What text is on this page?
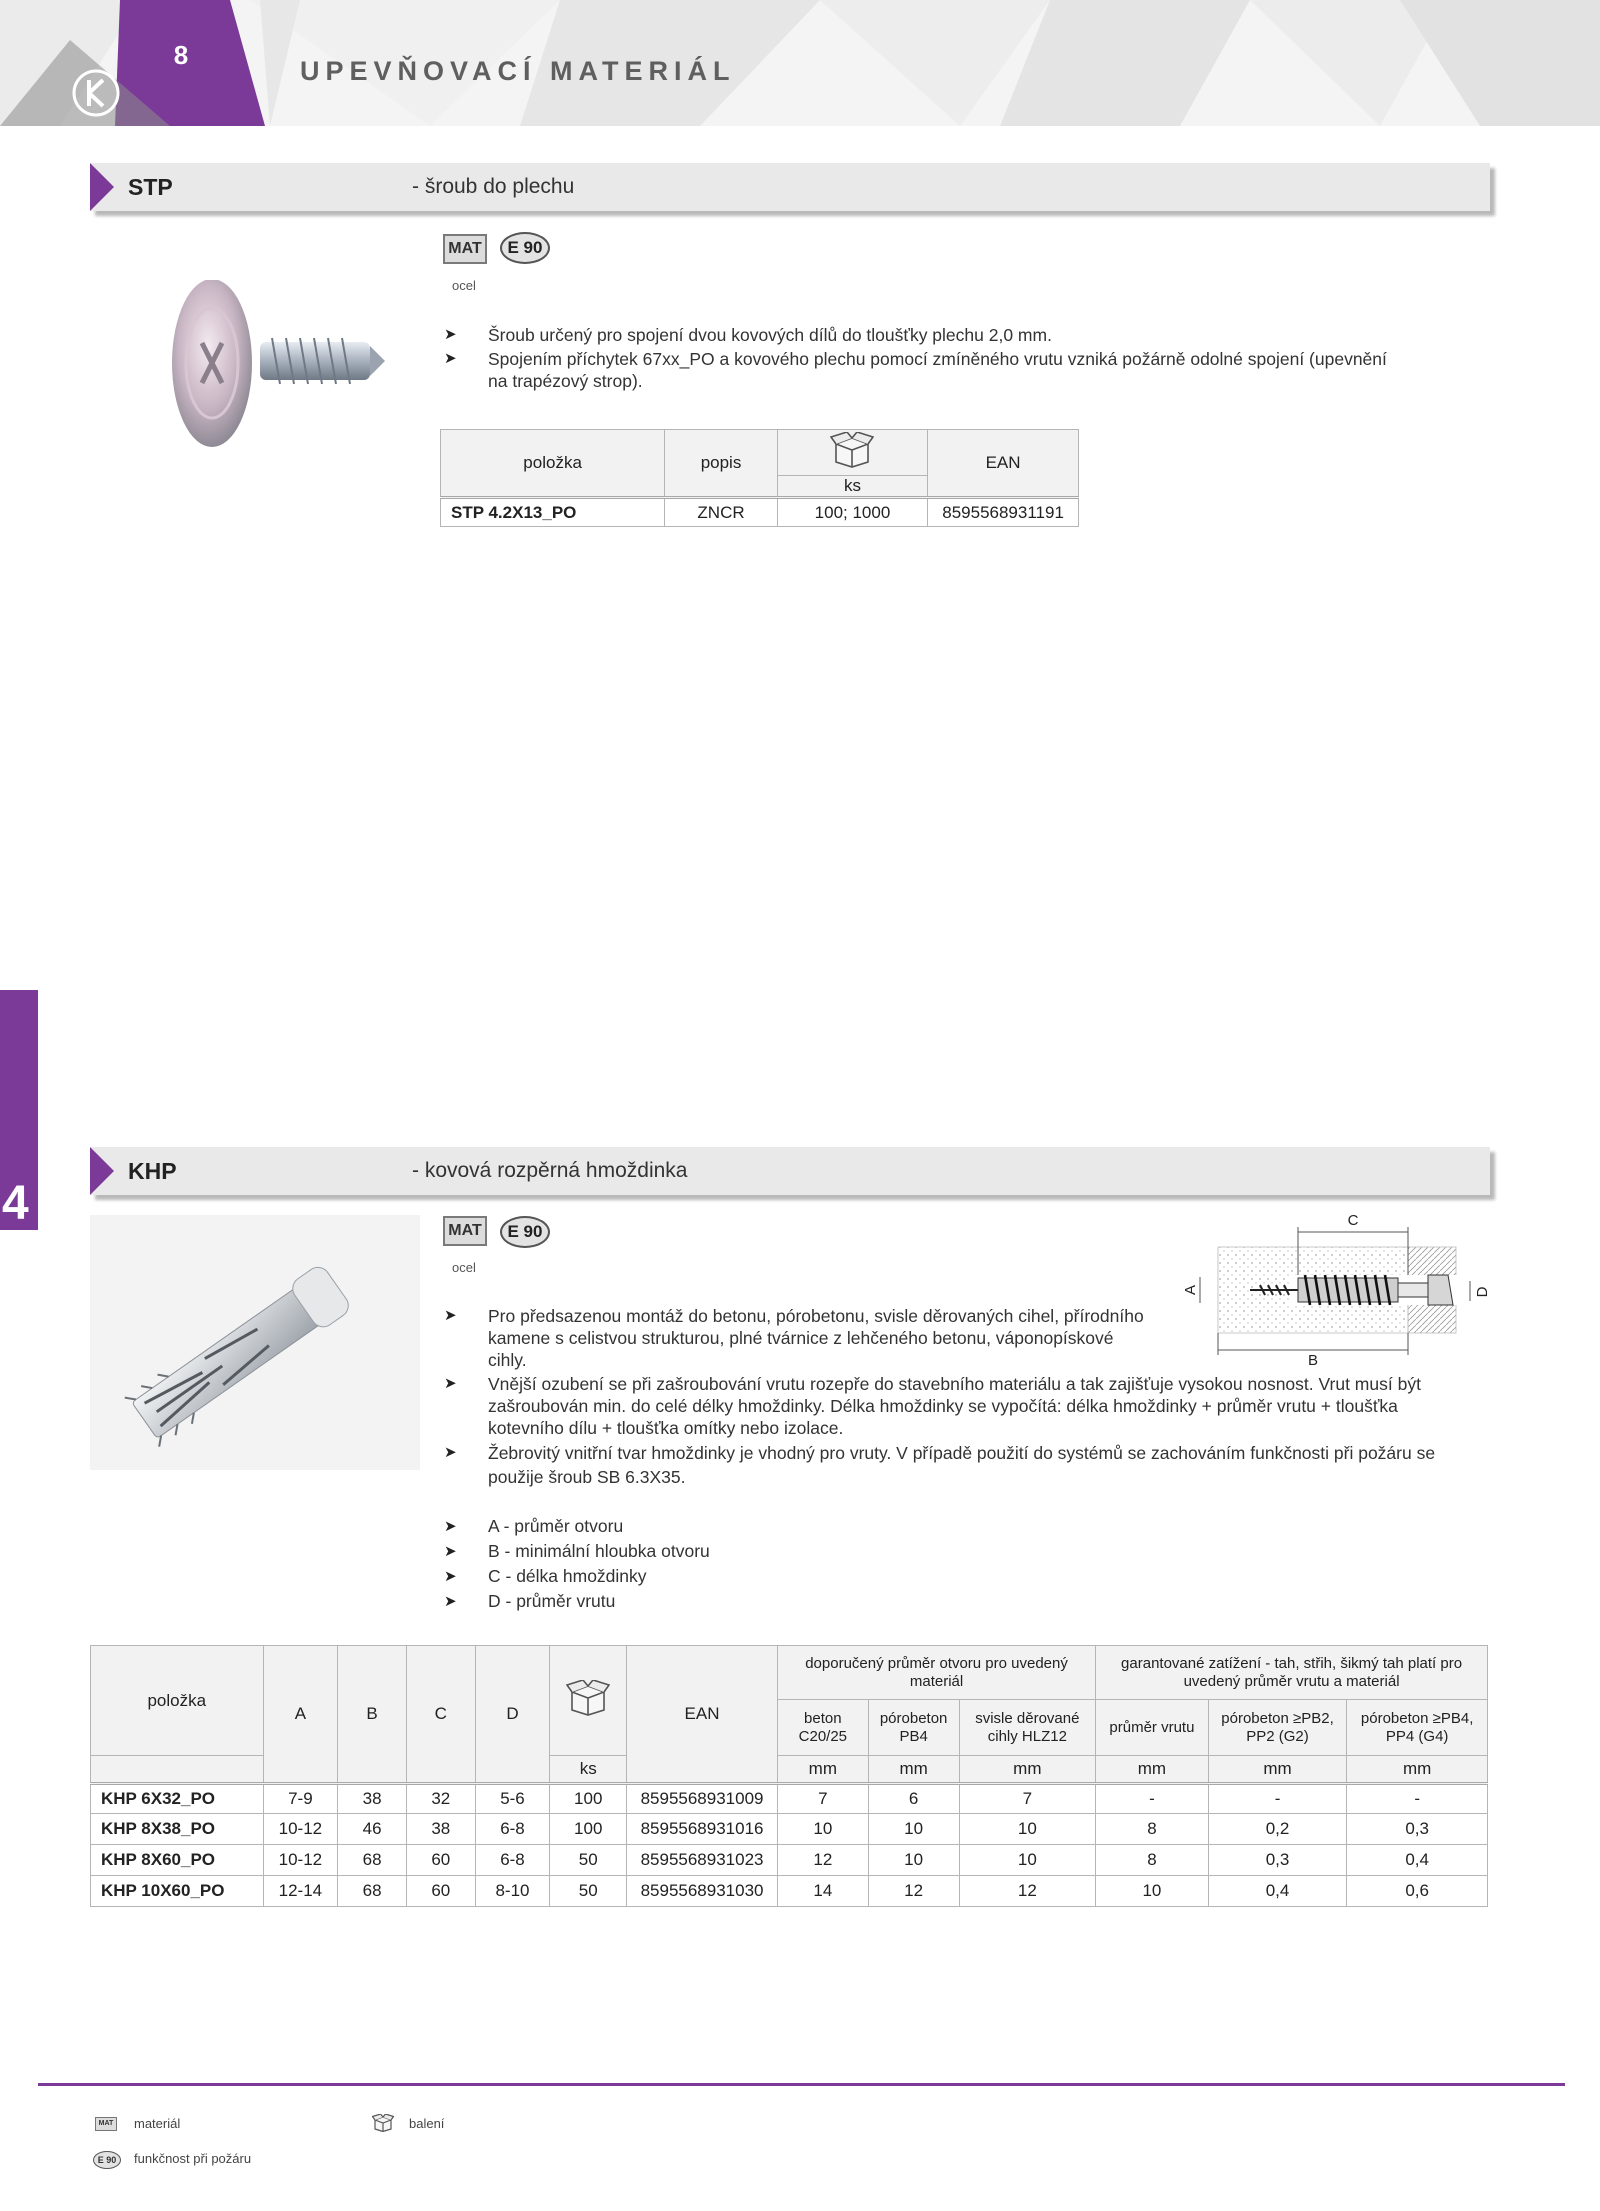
8
UPEVŇOVACÍ MATERIÁL
4
STP	- šroub do plechu
MAT	E 90
ocel
➤ Šroub určený pro spojení dvou kovových dílů do tloušťky plechu 2,0 mm.
➤ Spojením příchytek 67xx_PO a kovového plechu pomocí zmíněného vrutu vzniká požárně odolné spojení (upevnění na trapézový strop).
položka	popis		EAN
		ks	
STP 4.2X13_PO	ZNCR	100; 1000	8595568931191
KHP	- kovová rozpěrná hmoždinka
MAT	E 90
ocel
C
B
A	D
➤ Pro předsazenou montáž do betonu, pórobetonu, svisle děrovaných cihel, přírodního kamene s celistvou strukturou, plné tvárnice z lehčeného betonu, váponopískové cihly.
➤ Vnější ozubení se při zašroubování vrutu rozepře do stavebního materiálu a tak zajišťuje vysokou nosnost. Vrut musí být zašroubován min. do celé délky hmoždinky. Délka hmoždinky se vypočítá: délka hmoždinky + průměr vrutu + tloušťka kotevního dílu + tloušťka omítky nebo izolace.
➤ Žebrovitý vnitřní tvar hmoždinky je vhodný pro vruty. V případě použití do systémů se zachováním funkčnosti při požáru se použije šroub SB 6.3X35.
➤ A - průměr otvoru
➤ B - minimální hloubka otvoru
➤ C - délka hmoždinky
➤ D - průměr vrutu
položka	A	B	C	D		EAN	doporučený průměr otvoru pro uvedený materiál			garantované zatížení - tah, střih, šikmý tah platí pro uvedený průměr vrutu a materiál		
							beton C20/25	pórobeton PB4	svisle děrované cihly HLZ12	průměr vrutu	pórobeton ≥PB2, PP2 (G2)	pórobeton ≥PB4, PP4 (G4)
					ks		mm	mm	mm	mm	mm	mm
KHP 6X32_PO	7-9	38	32	5-6	100	8595568931009	7	6	7	-	-	-
KHP 8X38_PO	10-12	46	38	6-8	100	8595568931016	10	10	10	8	0,2	0,3
KHP 8X60_PO	10-12	68	60	6-8	50	8595568931023	12	10	10	8	0,3	0,4
KHP 10X60_PO	12-14	68	60	8-10	50	8595568931030	14	12	12	10	0,4	0,6
MAT materiál	balení
E 90	funkčnost při požáru
